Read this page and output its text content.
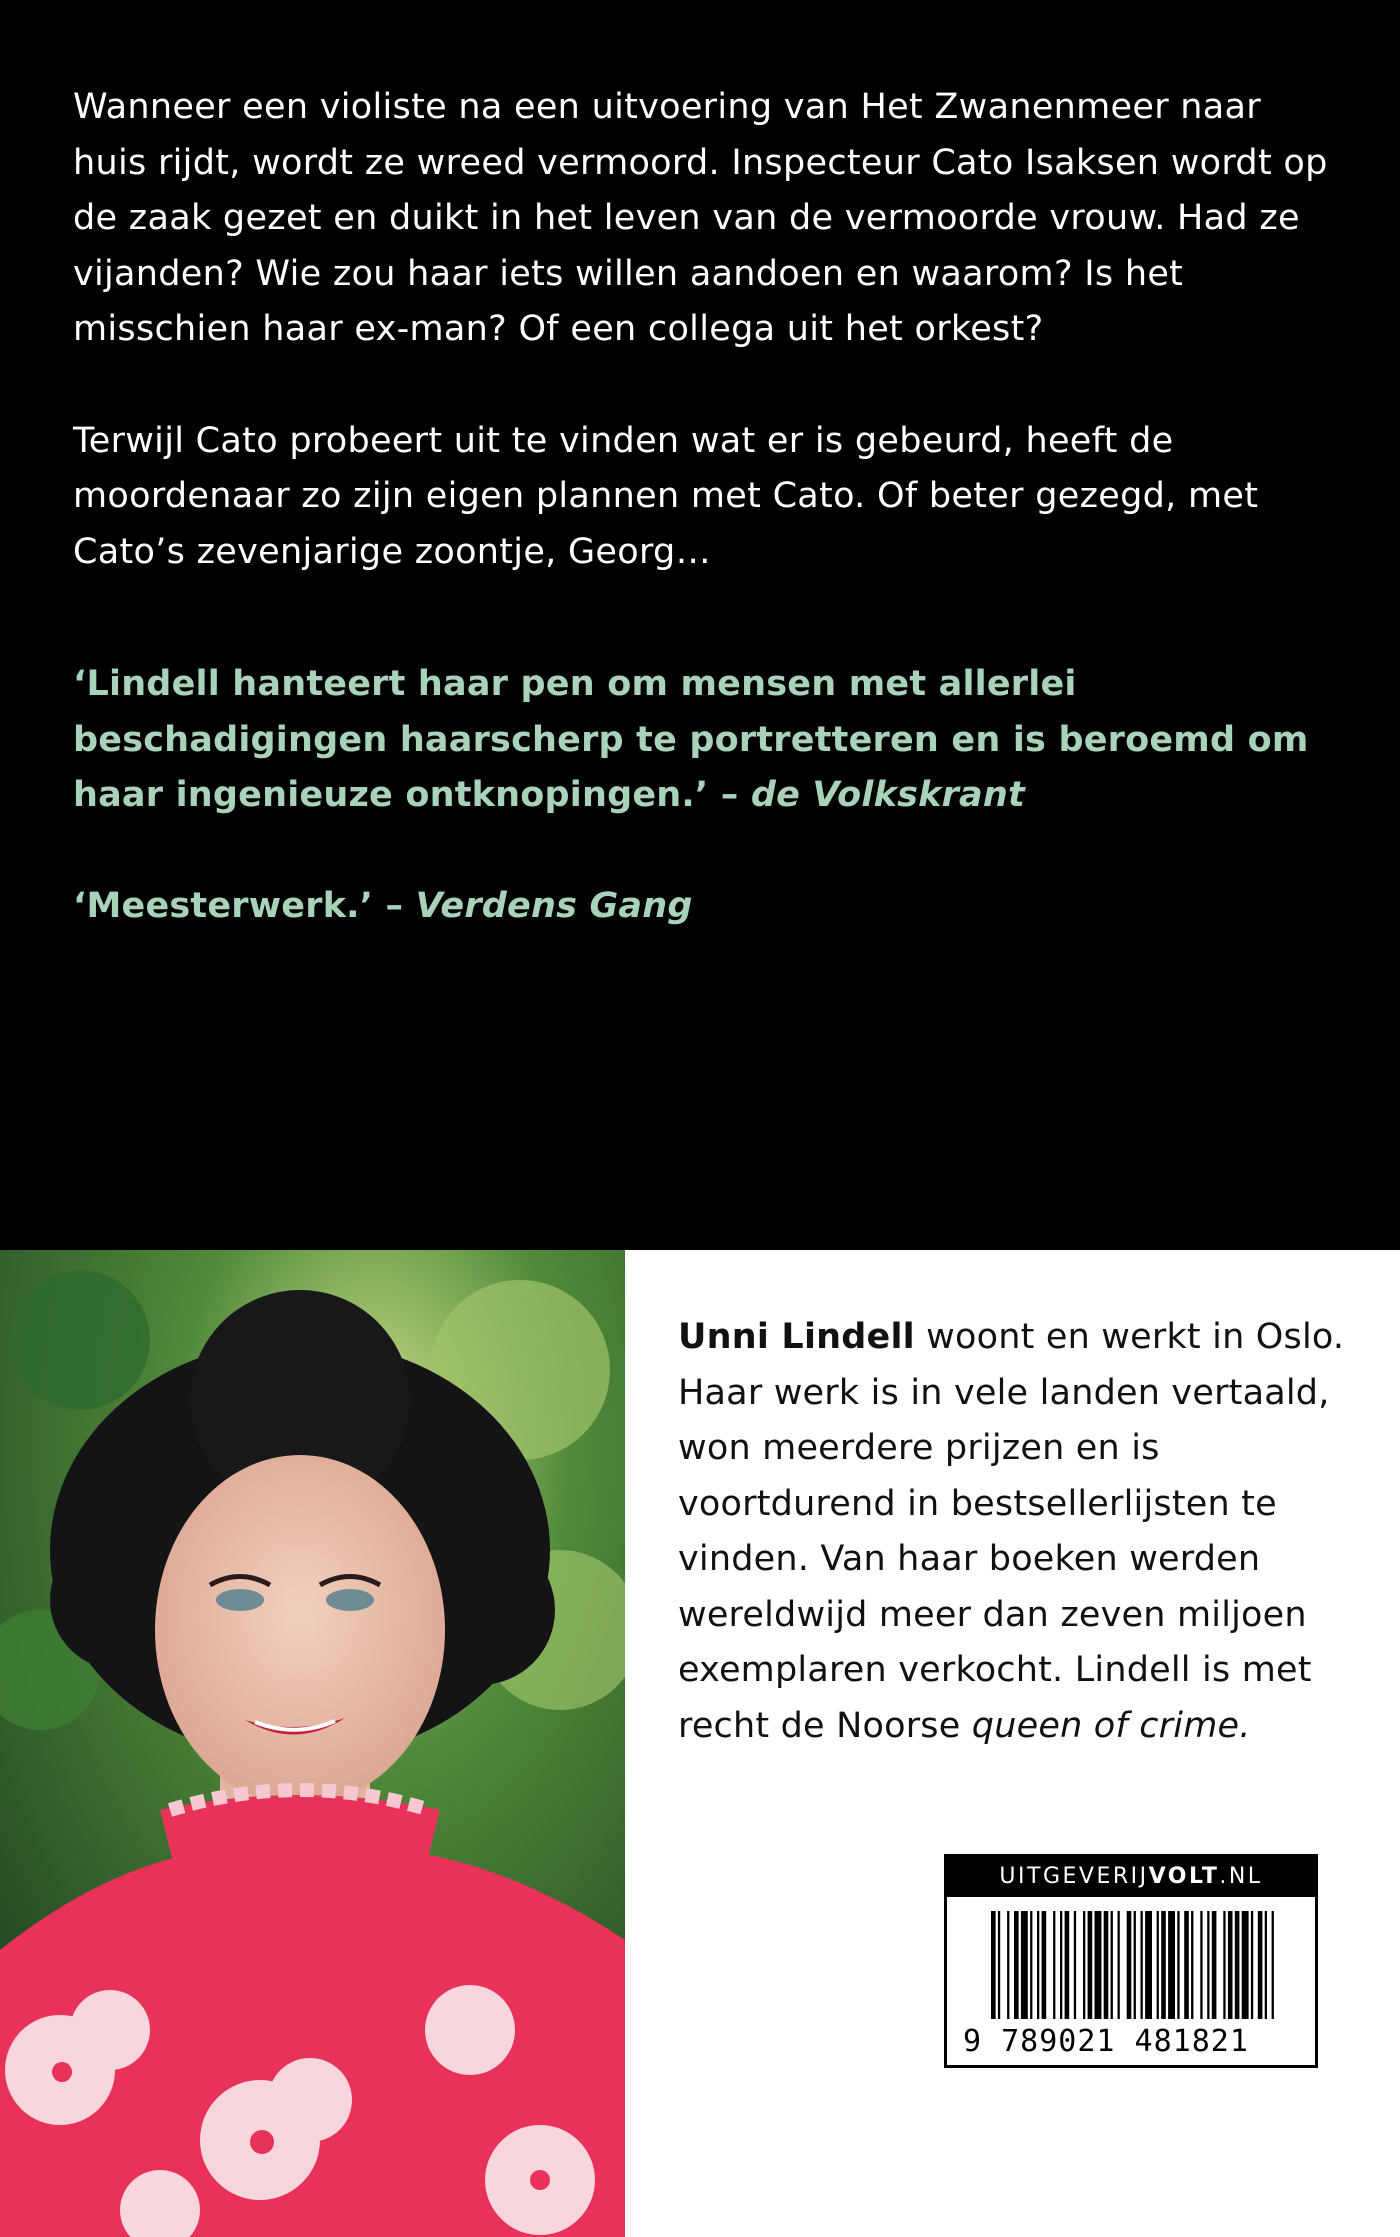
Wanneer een violiste na een uitvoering van Het Zwanenmeer naar huis rijdt, wordt ze wreed vermoord. Inspecteur Cato Isaksen wordt op de zaak gezet en duikt in het leven van de vermoorde vrouw. Had ze vijanden? Wie zou haar iets willen aandoen en waarom? Is het misschien haar ex-man? Of een collega uit het orkest?

Terwijl Cato probeert uit te vinden wat er is gebeurd, heeft de moordenaar zo zijn eigen plannen met Cato. Of beter gezegd, met Cato’s zevenjarige zoontje, Georg…

‘Lindell hanteert haar pen om mensen met allerlei beschadigingen haarscherp te portretteren en is beroemd om haar ingenieuze ontknopingen.’ – de Volkskrant

‘Meesterwerk.’ – Verdens Gang

Unni Lindell woont en werkt in Oslo. Haar werk is in vele landen vertaald, won meerdere prijzen en is voortdurend in bestsellerlijsten te vinden. Van haar boeken werden wereldwijd meer dan zeven miljoen exemplaren verkocht. Lindell is met recht de Noorse queen of crime.
UITGEVERIJVOLT.NL
9 789021 481821
